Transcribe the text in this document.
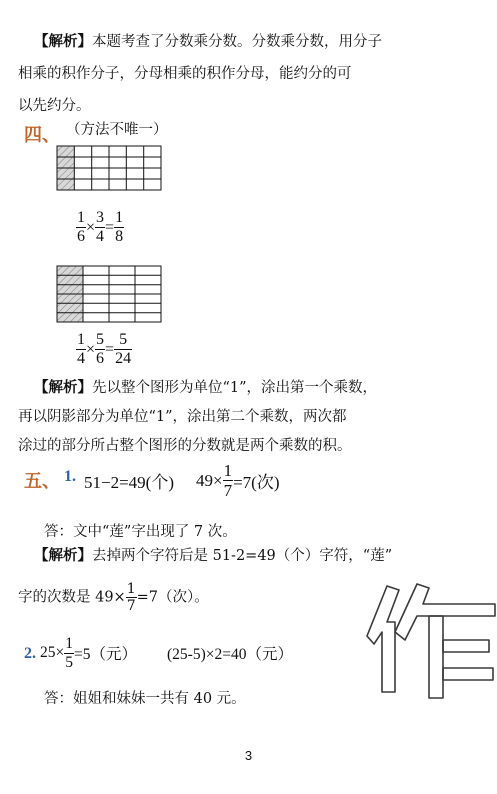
【解析】本题考查了分数乘分数。分数乘分数，用分子
相乘的积作分子，分母相乘的积作分母，能约分的可
以先约分。
四、 （方法不唯一）
$\frac{1}{6} \times \frac{3}{4} = \frac{1}{8}$
$\frac{1}{4} \times \frac{5}{6} = \frac{5}{24}$
【解析】先以整个图形为单位“1”，涂出第一个乘数，
再以阴影部分为单位“1”，涂出第二个乘数，两次都
涂过的部分所占整个图形的分数就是两个乘数的积。
五、 1. 51−2=49(个) $49\times \frac{1}{7} =7$(次)
答：文中“莲”字出现了 7 次。
【解析】去掉两个字符后是 51-2=49（个）字符，“莲”
字的次数是 $49\times \frac{1}{7} =7$（次）。
2. $25\times \frac{1}{5} =5$（元） (25-5)×2=40（元）
答：姐姐和妹妹一共有 40 元。
3
